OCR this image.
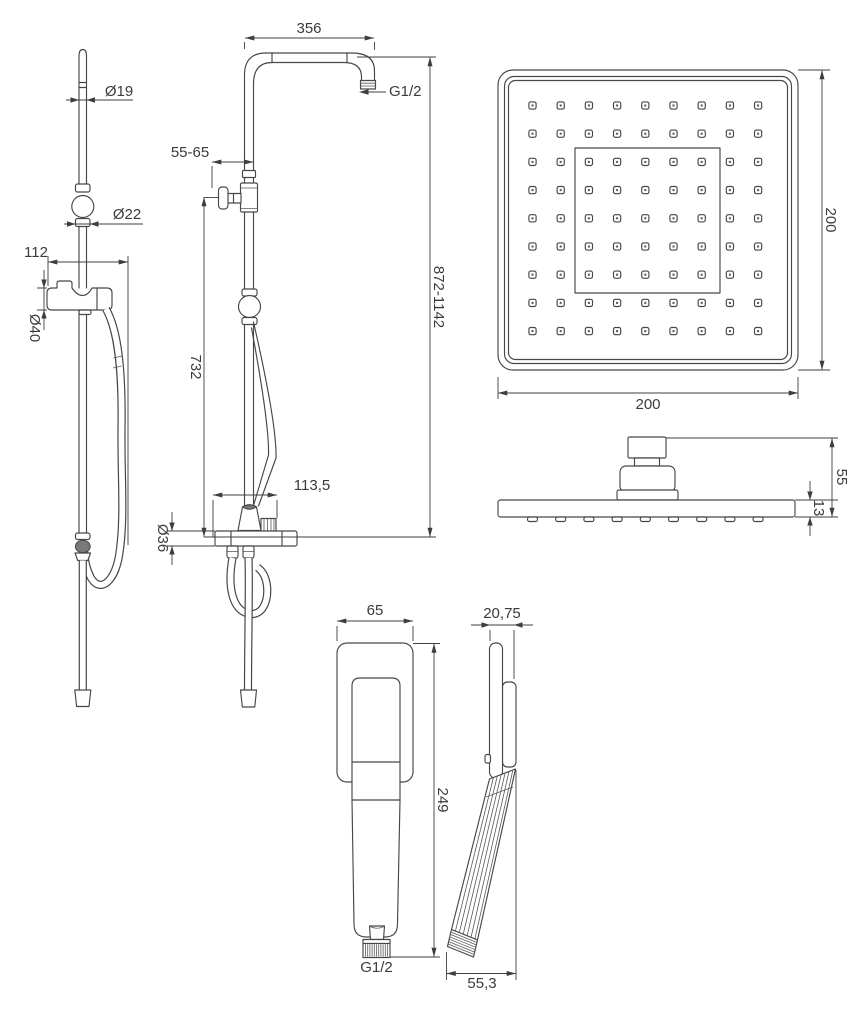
Ø19
Ø22
112
Ø40
G1/2
356
872-1142
55-65
732
113,5
Ø36
200
200
55
13
65
G1/2
249
20,75
55,3
